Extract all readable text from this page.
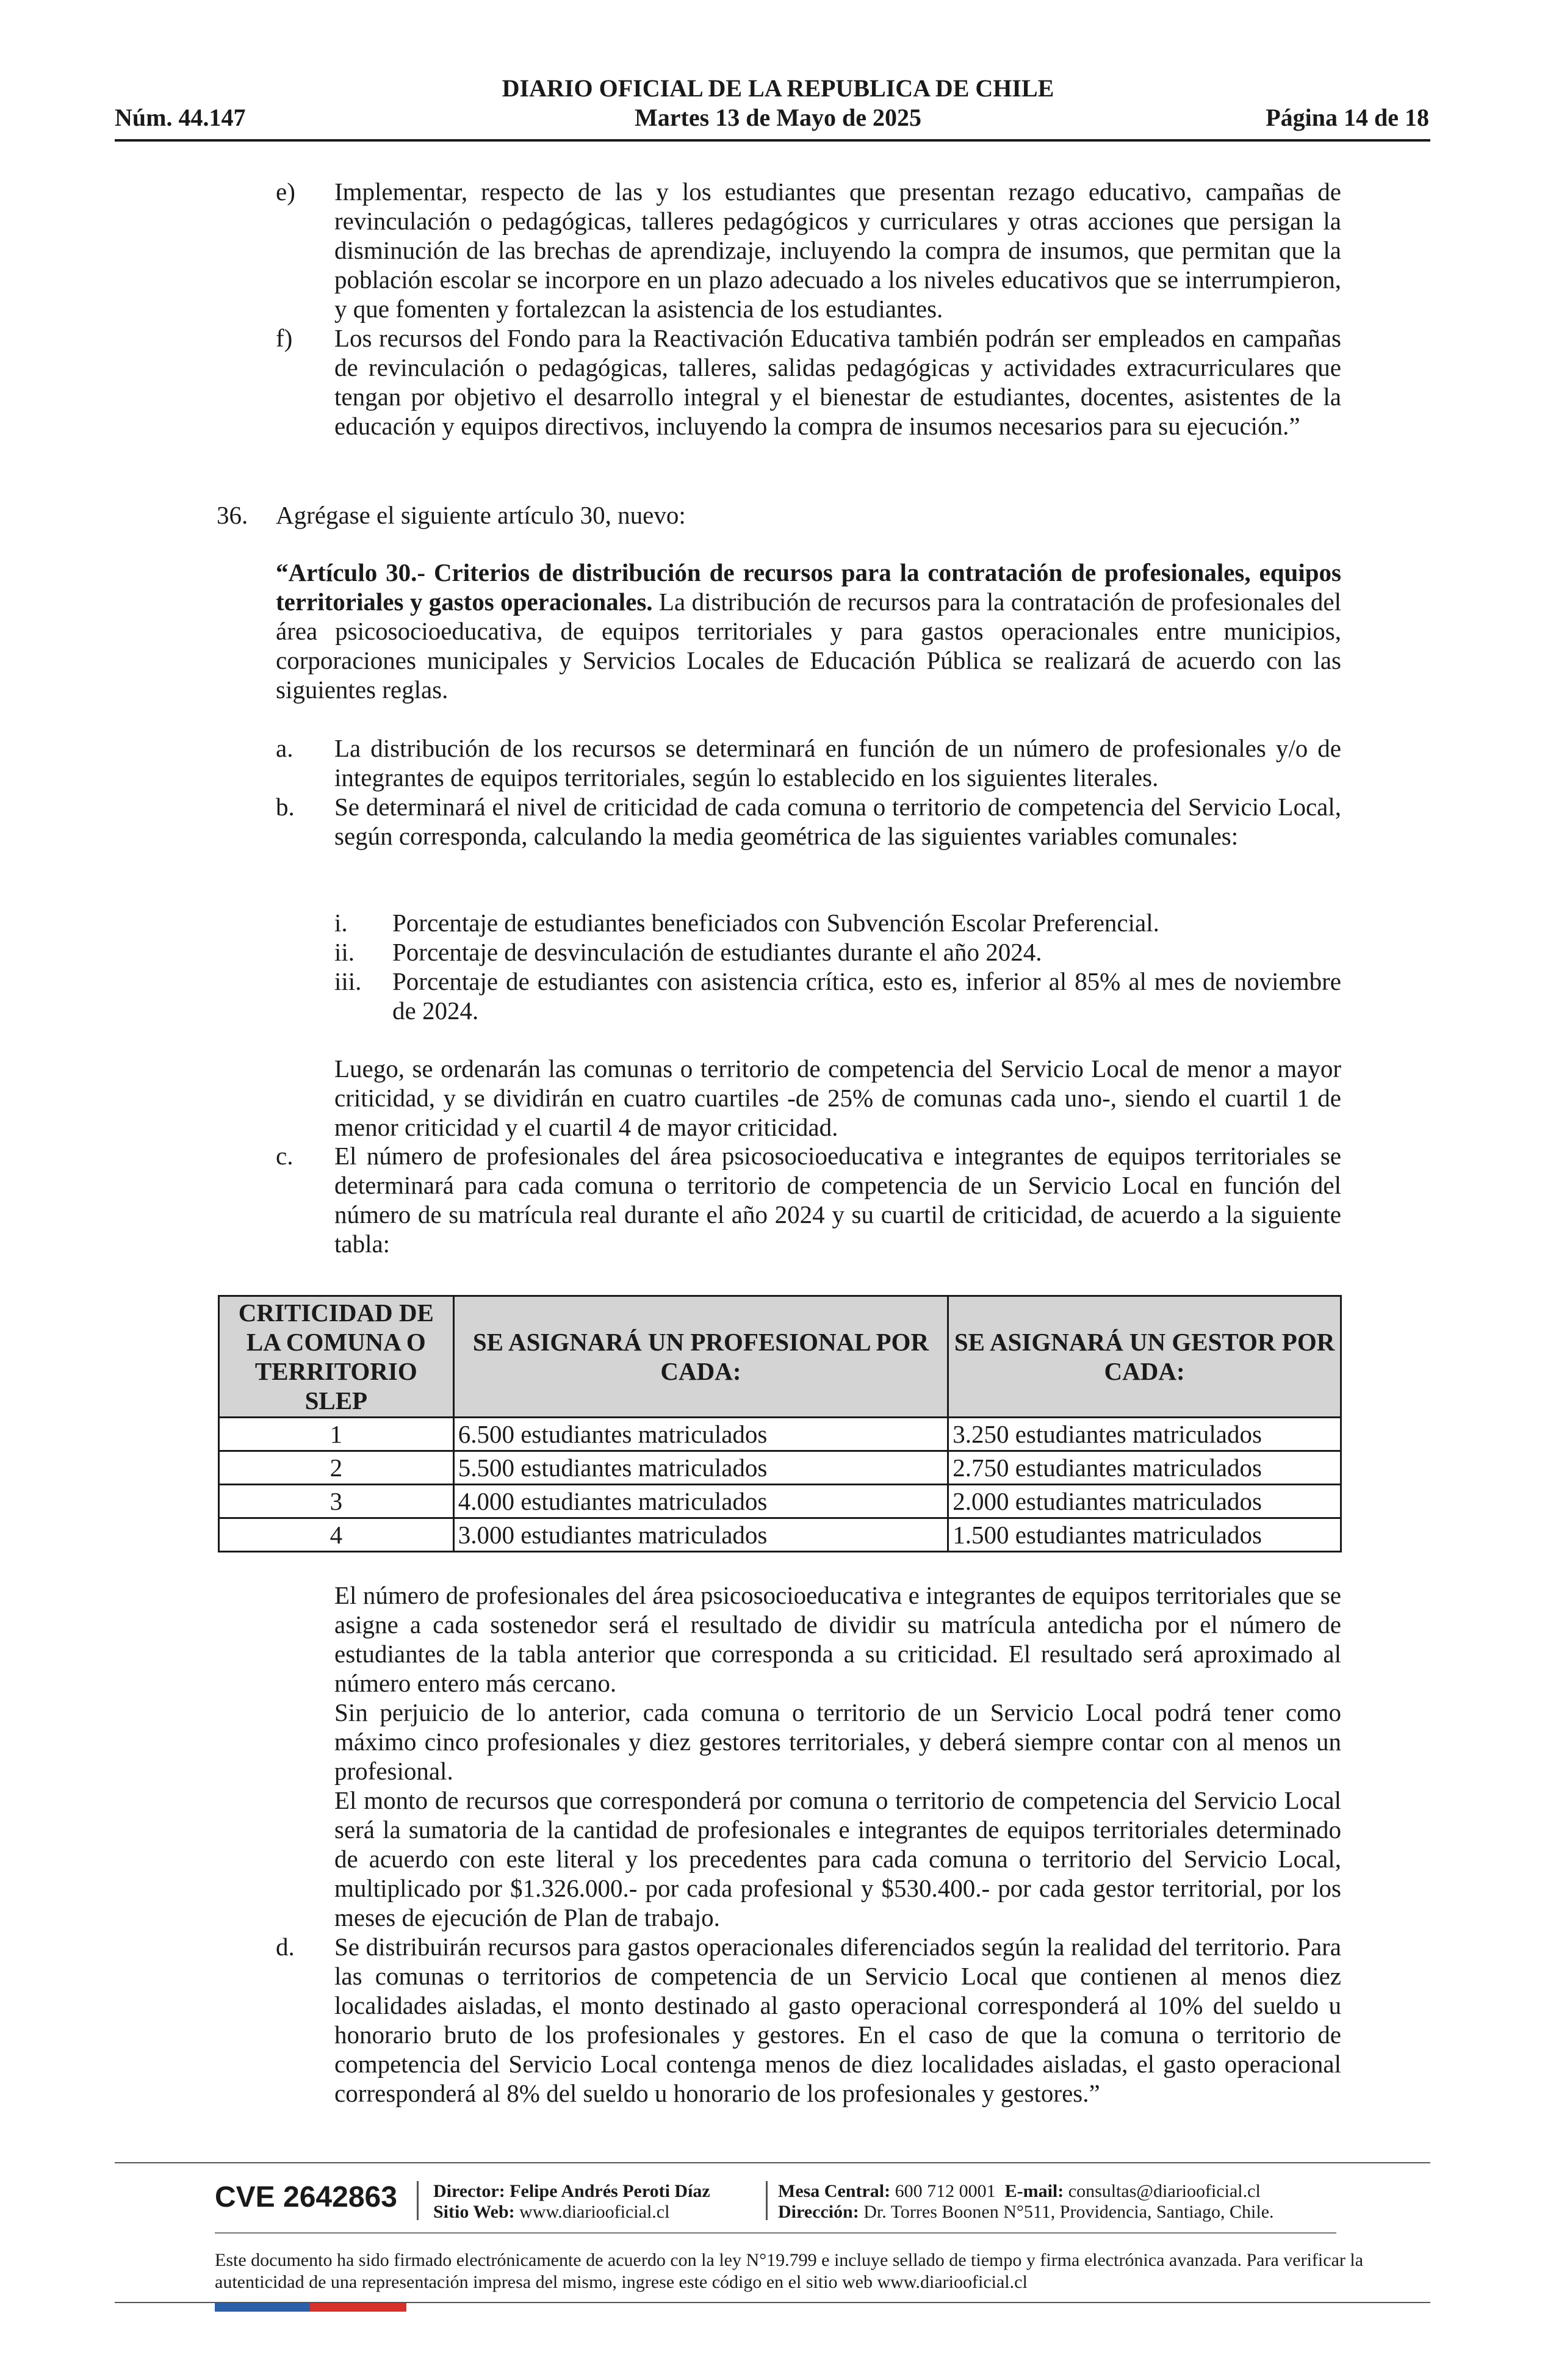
DIARIO OFICIAL DE LA REPUBLICA DE CHILE
Núm. 44.147	Martes 13 de Mayo de 2025	Página 14 de 18
e) Implementar, respecto de las y los estudiantes que presentan rezago educativo, campañas de revinculación o pedagógicas, talleres pedagógicos y curriculares y otras acciones que persigan la disminución de las brechas de aprendizaje, incluyendo la compra de insumos, que permitan que la población escolar se incorpore en un plazo adecuado a los niveles educativos que se interrumpieron, y que fomenten y fortalezcan la asistencia de los estudiantes.
f) Los recursos del Fondo para la Reactivación Educativa también podrán ser empleados en campañas de revinculación o pedagógicas, talleres, salidas pedagógicas y actividades extracurriculares que tengan por objetivo el desarrollo integral y el bienestar de estudiantes, docentes, asistentes de la educación y equipos directivos, incluyendo la compra de insumos necesarios para su ejecución.”
36. Agrégase el siguiente artículo 30, nuevo:
“Artículo 30.- Criterios de distribución de recursos para la contratación de profesionales, equipos territoriales y gastos operacionales. La distribución de recursos para la contratación de profesionales del área psicosocioeducativa, de equipos territoriales y para gastos operacionales entre municipios, corporaciones municipales y Servicios Locales de Educación Pública se realizará de acuerdo con las siguientes reglas.
a. La distribución de los recursos se determinará en función de un número de profesionales y/o de integrantes de equipos territoriales, según lo establecido en los siguientes literales.
b. Se determinará el nivel de criticidad de cada comuna o territorio de competencia del Servicio Local, según corresponda, calculando la media geométrica de las siguientes variables comunales:
i. Porcentaje de estudiantes beneficiados con Subvención Escolar Preferencial.
ii. Porcentaje de desvinculación de estudiantes durante el año 2024.
iii. Porcentaje de estudiantes con asistencia crítica, esto es, inferior al 85% al mes de noviembre de 2024.
Luego, se ordenarán las comunas o territorio de competencia del Servicio Local de menor a mayor criticidad, y se dividirán en cuatro cuartiles -de 25% de comunas cada uno-, siendo el cuartil 1 de menor criticidad y el cuartil 4 de mayor criticidad.
c. El número de profesionales del área psicosocioeducativa e integrantes de equipos territoriales se determinará para cada comuna o territorio de competencia de un Servicio Local en función del número de su matrícula real durante el año 2024 y su cuartil de criticidad, de acuerdo a la siguiente tabla:
CRITICIDAD DE LA COMUNA O TERRITORIO SLEP	SE ASIGNARÁ UN PROFESIONAL POR CADA:	SE ASIGNARÁ UN GESTOR POR CADA:
1	6.500 estudiantes matriculados	3.250 estudiantes matriculados
2	5.500 estudiantes matriculados	2.750 estudiantes matriculados
3	4.000 estudiantes matriculados	2.000 estudiantes matriculados
4	3.000 estudiantes matriculados	1.500 estudiantes matriculados
El número de profesionales del área psicosocioeducativa e integrantes de equipos territoriales que se asigne a cada sostenedor será el resultado de dividir su matrícula antedicha por el número de estudiantes de la tabla anterior que corresponda a su criticidad. El resultado será aproximado al número entero más cercano.
Sin perjuicio de lo anterior, cada comuna o territorio de un Servicio Local podrá tener como máximo cinco profesionales y diez gestores territoriales, y deberá siempre contar con al menos un profesional.
El monto de recursos que corresponderá por comuna o territorio de competencia del Servicio Local será la sumatoria de la cantidad de profesionales e integrantes de equipos territoriales determinado de acuerdo con este literal y los precedentes para cada comuna o territorio del Servicio Local, multiplicado por $1.326.000.- por cada profesional y $530.400.- por cada gestor territorial, por los meses de ejecución de Plan de trabajo.
d. Se distribuirán recursos para gastos operacionales diferenciados según la realidad del territorio. Para las comunas o territorios de competencia de un Servicio Local que contienen al menos diez localidades aisladas, el monto destinado al gasto operacional corresponderá al 10% del sueldo u honorario bruto de los profesionales y gestores. En el caso de que la comuna o territorio de competencia del Servicio Local contenga menos de diez localidades aisladas, el gasto operacional corresponderá al 8% del sueldo u honorario de los profesionales y gestores.”
CVE 2642863 Director: Felipe Andrés Peroti Díaz
Sitio Web: www.diariooficial.cl
Mesa Central: 600 712 0001 E-mail: consultas@diariooficial.cl
Dirección: Dr. Torres Boonen N°511, Providencia, Santiago, Chile.
Este documento ha sido firmado electrónicamente de acuerdo con la ley N°19.799 e incluye sellado de tiempo y firma electrónica avanzada. Para verificar la autenticidad de una representación impresa del mismo, ingrese este código en el sitio web www.diariooficial.cl
